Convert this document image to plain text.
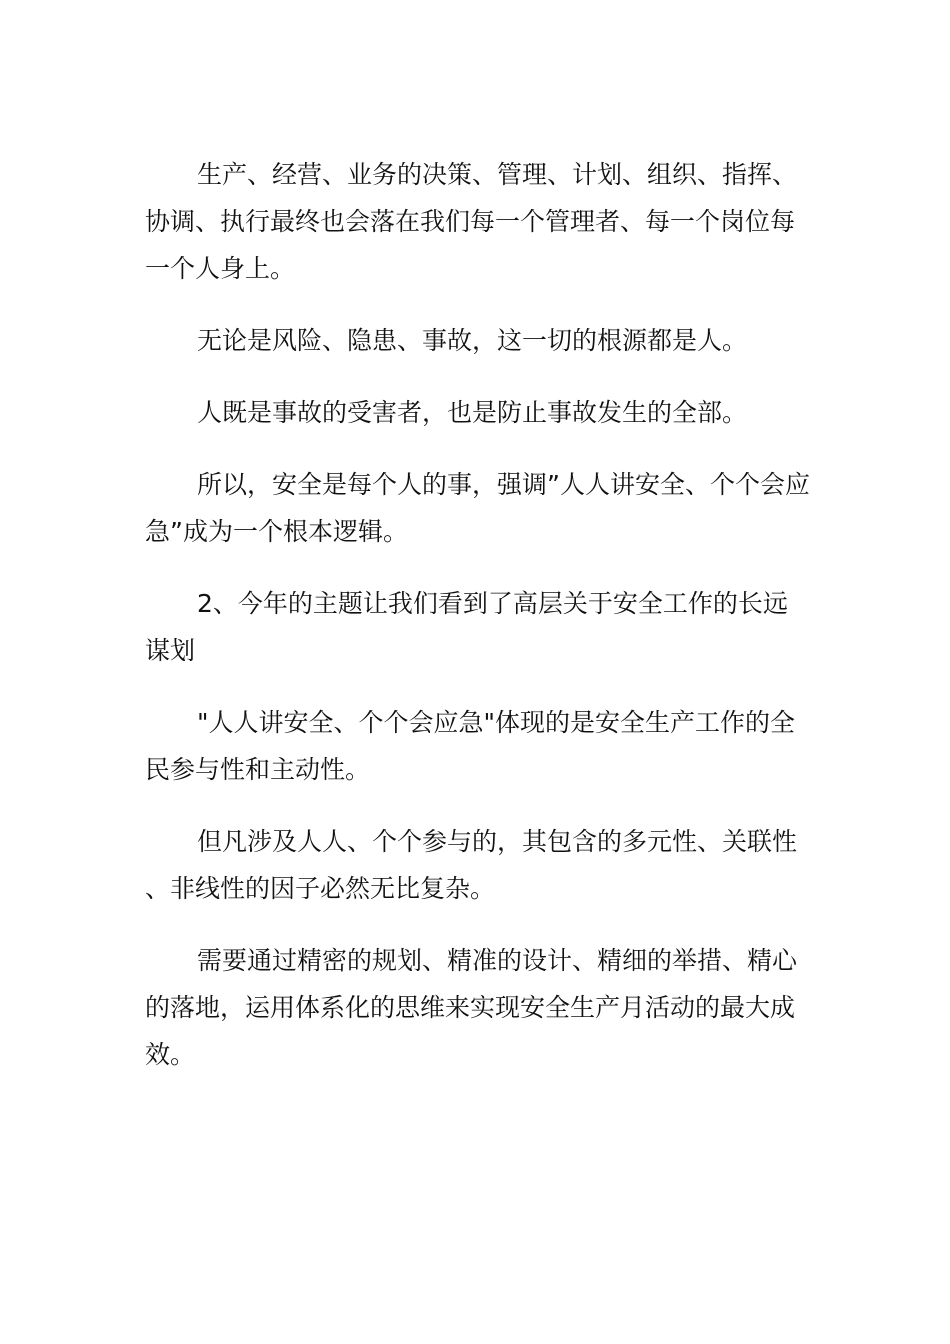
生产、经营、业务的决策、管理、计划、组织、指挥、协调、执行最终也会落在我们每一个管理者、每一个岗位每一个人身上。

无论是风险、隐患、事故，这一切的根源都是人。

人既是事故的受害者，也是防止事故发生的全部。

所以，安全是每个人的事，强调”人人讲安全、个个会应急”成为一个根本逻辑。

2、今年的主题让我们看到了高层关于安全工作的长远谋划

"人人讲安全、个个会应急"体现的是安全生产工作的全民参与性和主动性。

但凡涉及人人、个个参与的，其包含的多元性、关联性、非线性的因子必然无比复杂。

需要通过精密的规划、精准的设计、精细的举措、精心的落地，运用体系化的思维来实现安全生产月活动的最大成效。
